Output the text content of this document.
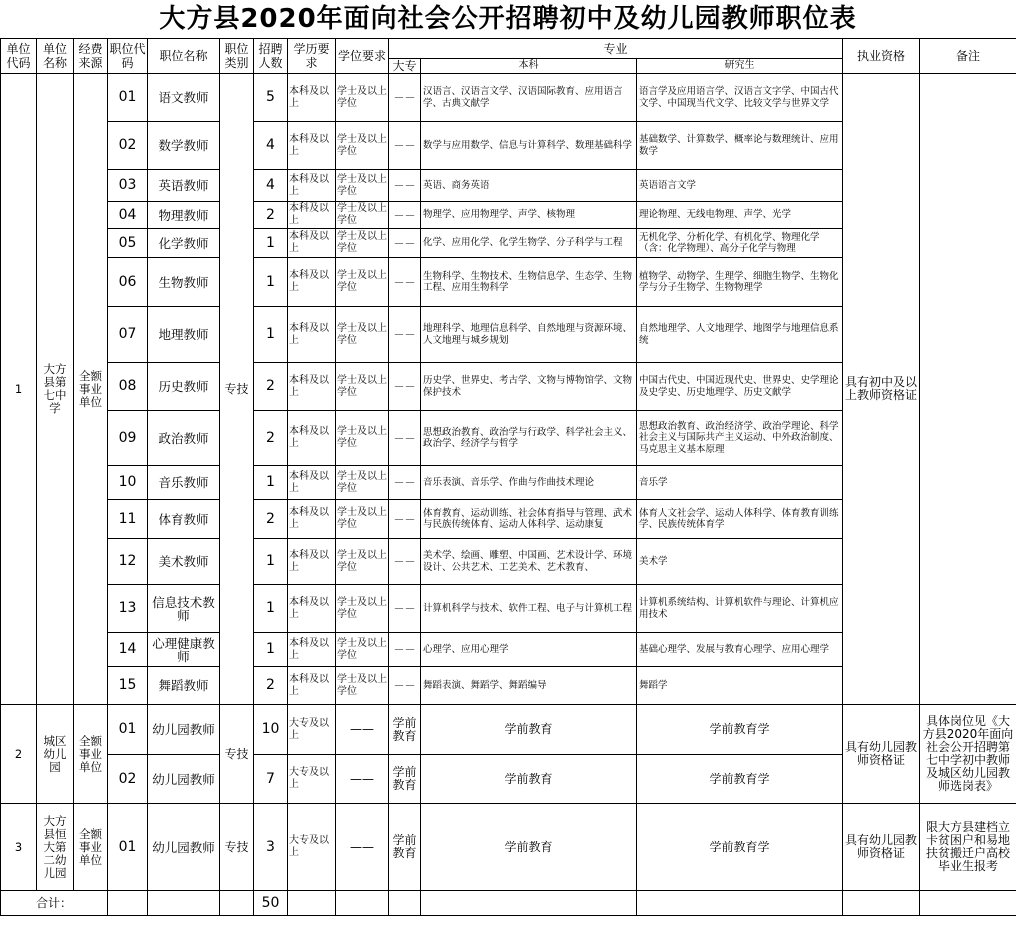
大方县2020年面向社会公开招聘初中及幼儿园教师职位表
单位代码	单位名称	经费来源	职位代码	职位名称	职位类别	招聘人数	学历要求	学位要求	专业			执业资格	备注
									大专	本科	研究生		
1	大方县第七中学	全额事业单位	01	语文教师	专技	5	本科及以上	学士及以上学位	－－	汉语言、汉语言文学、汉语国际教育、应用语言学、古典文献学	语言学及应用语言学、汉语言文字学、中国古代文学、中国现当代文学、比较文学与世界文学	具有初中及以上教师资格证	
			02	数学教师		4	本科及以上	学士及以上学位	－－	数学与应用数学、信息与计算科学、数理基础科学	基础数学、计算数学、概率论与数理统计、应用数学		
			03	英语教师		4	本科及以上	学士及以上学位	－－	英语、商务英语	英语语言文学		
			04	物理教师		2	本科及以上	学士及以上学位	－－	物理学、应用物理学、声学、核物理	理论物理、无线电物理、声学、光学		
			05	化学教师		1	本科及以上	学士及以上学位	－－	化学、应用化学、化学生物学、分子科学与工程	无机化学、分析化学、有机化学、物理化学（含：化学物理）、高分子化学与物理		
			06	生物教师		1	本科及以上	学士及以上学位	－－	生物科学、生物技术、生物信息学、生态学、生物工程、应用生物科学	植物学、动物学、生理学、细胞生物学、生物化学与分子生物学、生物物理学		
			07	地理教师		1	本科及以上	学士及以上学位	－－	地理科学、地理信息科学、自然地理与资源环境、人文地理与城乡规划	自然地理学、人文地理学、地图学与地理信息系统		
			08	历史教师		2	本科及以上	学士及以上学位	－－	历史学、世界史、考古学、文物与博物馆学、文物保护技术	中国古代史、中国近现代史、世界史、史学理论及史学史、历史地理学、历史文献学		
			09	政治教师		2	本科及以上	学士及以上学位	－－	思想政治教育、政治学与行政学、科学社会主义、政治学、经济学与哲学	思想政治教育、政治经济学、政治学理论、科学社会主义与国际共产主义运动、中外政治制度、马克思主义基本原理		
			10	音乐教师		1	本科及以上	学士及以上学位	－－	音乐表演、音乐学、作曲与作曲技术理论	音乐学		
			11	体育教师		2	本科及以上	学士及以上学位	－－	体育教育、运动训练、社会体育指导与管理、武术与民族传统体育、运动人体科学、运动康复	体育人文社会学、运动人体科学、体育教育训练学、民族传统体育学		
			12	美术教师		1	本科及以上	学士及以上学位	－－	美术学、绘画、雕塑、中国画、艺术设计学、环境设计、公共艺术、工艺美术、艺术教育、	美术学		
			13	信息技术教师		1	本科及以上	学士及以上学位	－－	计算机科学与技术、软件工程、电子与计算机工程	计算机系统结构、计算机软件与理论、计算机应用技术		
			14	心理健康教师		1	本科及以上	学士及以上学位	－－	心理学、应用心理学	基础心理学、发展与教育心理学、应用心理学		
			15	舞蹈教师		2	本科及以上	学士及以上学位	－－	舞蹈表演、舞蹈学、舞蹈编导	舞蹈学		
2	城区幼儿园	全额事业单位	01	幼儿园教师	专技	10	大专及以上	——	学前教育	学前教育	学前教育学	具有幼儿园教师资格证	具体岗位见《大方县2020年面向社会公开招聘第七中学初中教师及城区幼儿园教师选岗表》
			02	幼儿园教师		7	大专及以上	——	学前教育	学前教育	学前教育学		
3	大方县恒大第二幼儿园	全额事业单位	01	幼儿园教师	专技	3	大专及以上	——	学前教育	学前教育	学前教育学	具有幼儿园教师资格证	限大方县建档立卡贫困户和易地扶贫搬迁户高校毕业生报考
合计：						50							
